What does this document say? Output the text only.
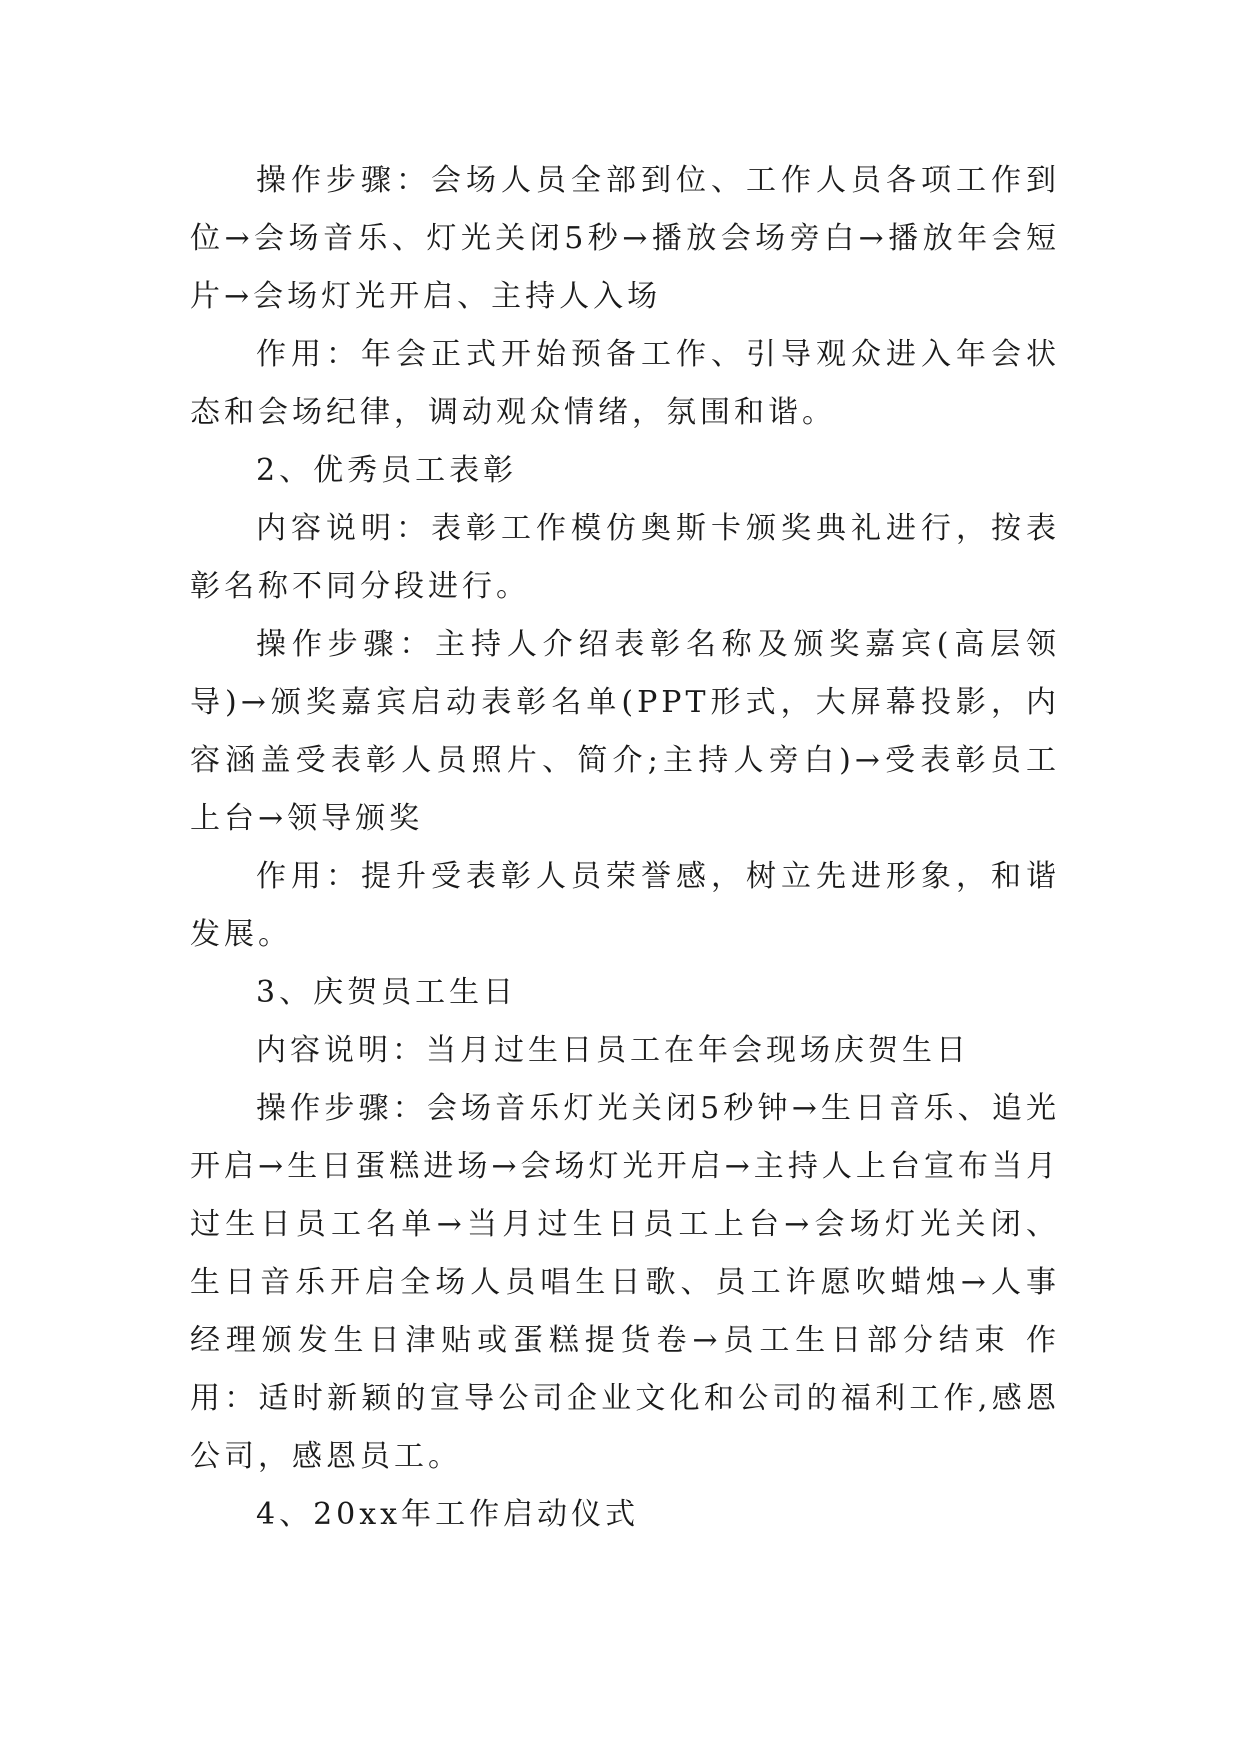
操作步骤：会场人员全部到位、工作人员各项工作到位→会场音乐、灯光关闭5秒→播放会场旁白→播放年会短片→会场灯光开启、主持人入场

作用：年会正式开始预备工作、引导观众进入年会状态和会场纪律，调动观众情绪，氛围和谐。

2、优秀员工表彰

内容说明：表彰工作模仿奥斯卡颁奖典礼进行，按表彰名称不同分段进行。

操作步骤：主持人介绍表彰名称及颁奖嘉宾(高层领导)→颁奖嘉宾启动表彰名单(PPT形式，大屏幕投影，内容涵盖受表彰人员照片、简介;主持人旁白)→受表彰员工上台→领导颁奖

作用：提升受表彰人员荣誉感，树立先进形象，和谐发展。

3、庆贺员工生日

内容说明：当月过生日员工在年会现场庆贺生日

操作步骤：会场音乐灯光关闭5秒钟→生日音乐、追光开启→生日蛋糕进场→会场灯光开启→主持人上台宣布当月过生日员工名单→当月过生日员工上台→会场灯光关闭、生日音乐开启全场人员唱生日歌、员工许愿吹蜡烛→人事经理颁发生日津贴或蛋糕提货卷→员工生日部分结束 作用：适时新颖的宣导公司企业文化和公司的福利工作,感恩公司，感恩员工。

4、20xx年工作启动仪式
